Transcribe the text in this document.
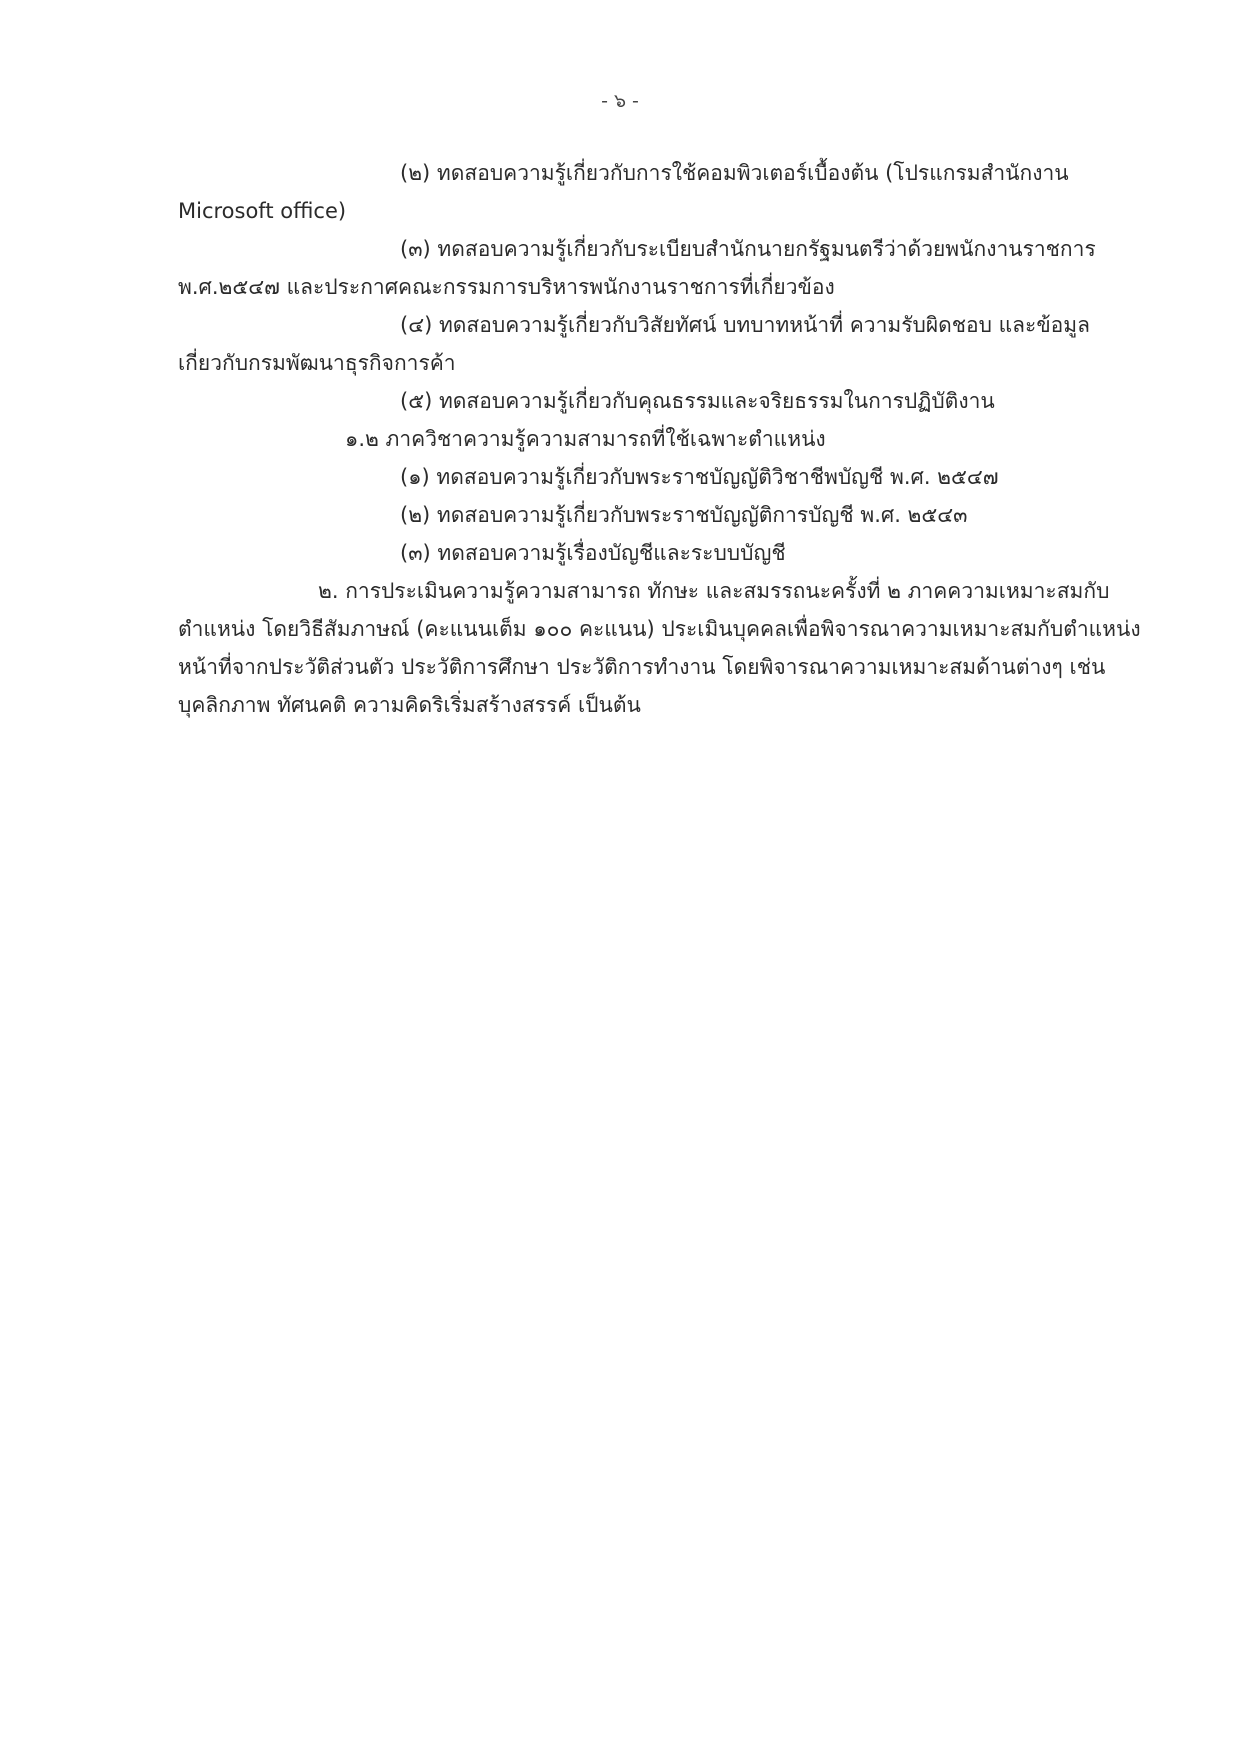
- ๖ -
(๒) ทดสอบความรู้เกี่ยวกับการใช้คอมพิวเตอร์เบื้องต้น (โปรแกรมสำนักงาน
Microsoft office)
(๓) ทดสอบความรู้เกี่ยวกับระเบียบสำนักนายกรัฐมนตรีว่าด้วยพนักงานราชการ
พ.ศ.๒๕๔๗ และประกาศคณะกรรมการบริหารพนักงานราชการที่เกี่ยวข้อง
(๔) ทดสอบความรู้เกี่ยวกับวิสัยทัศน์ บทบาทหน้าที่ ความรับผิดชอบ และข้อมูล
เกี่ยวกับกรมพัฒนาธุรกิจการค้า
(๕) ทดสอบความรู้เกี่ยวกับคุณธรรมและจริยธรรมในการปฏิบัติงาน
๑.๒ ภาควิชาความรู้ความสามารถที่ใช้เฉพาะตำแหน่ง
(๑) ทดสอบความรู้เกี่ยวกับพระราชบัญญัติวิชาชีพบัญชี พ.ศ. ๒๕๔๗
(๒) ทดสอบความรู้เกี่ยวกับพระราชบัญญัติการบัญชี พ.ศ. ๒๕๔๓
(๓) ทดสอบความรู้เรื่องบัญชีและระบบบัญชี
๒. การประเมินความรู้ความสามารถ ทักษะ และสมรรถนะครั้งที่ ๒ ภาคความเหมาะสมกับ
ตำแหน่ง โดยวิธีสัมภาษณ์ (คะแนนเต็ม ๑๐๐ คะแนน) ประเมินบุคคลเพื่อพิจารณาความเหมาะสมกับตำแหน่ง
หน้าที่จากประวัติส่วนตัว ประวัติการศึกษา ประวัติการทำงาน โดยพิจารณาความเหมาะสมด้านต่างๆ เช่น
บุคลิกภาพ ทัศนคติ ความคิดริเริ่มสร้างสรรค์ เป็นต้น
